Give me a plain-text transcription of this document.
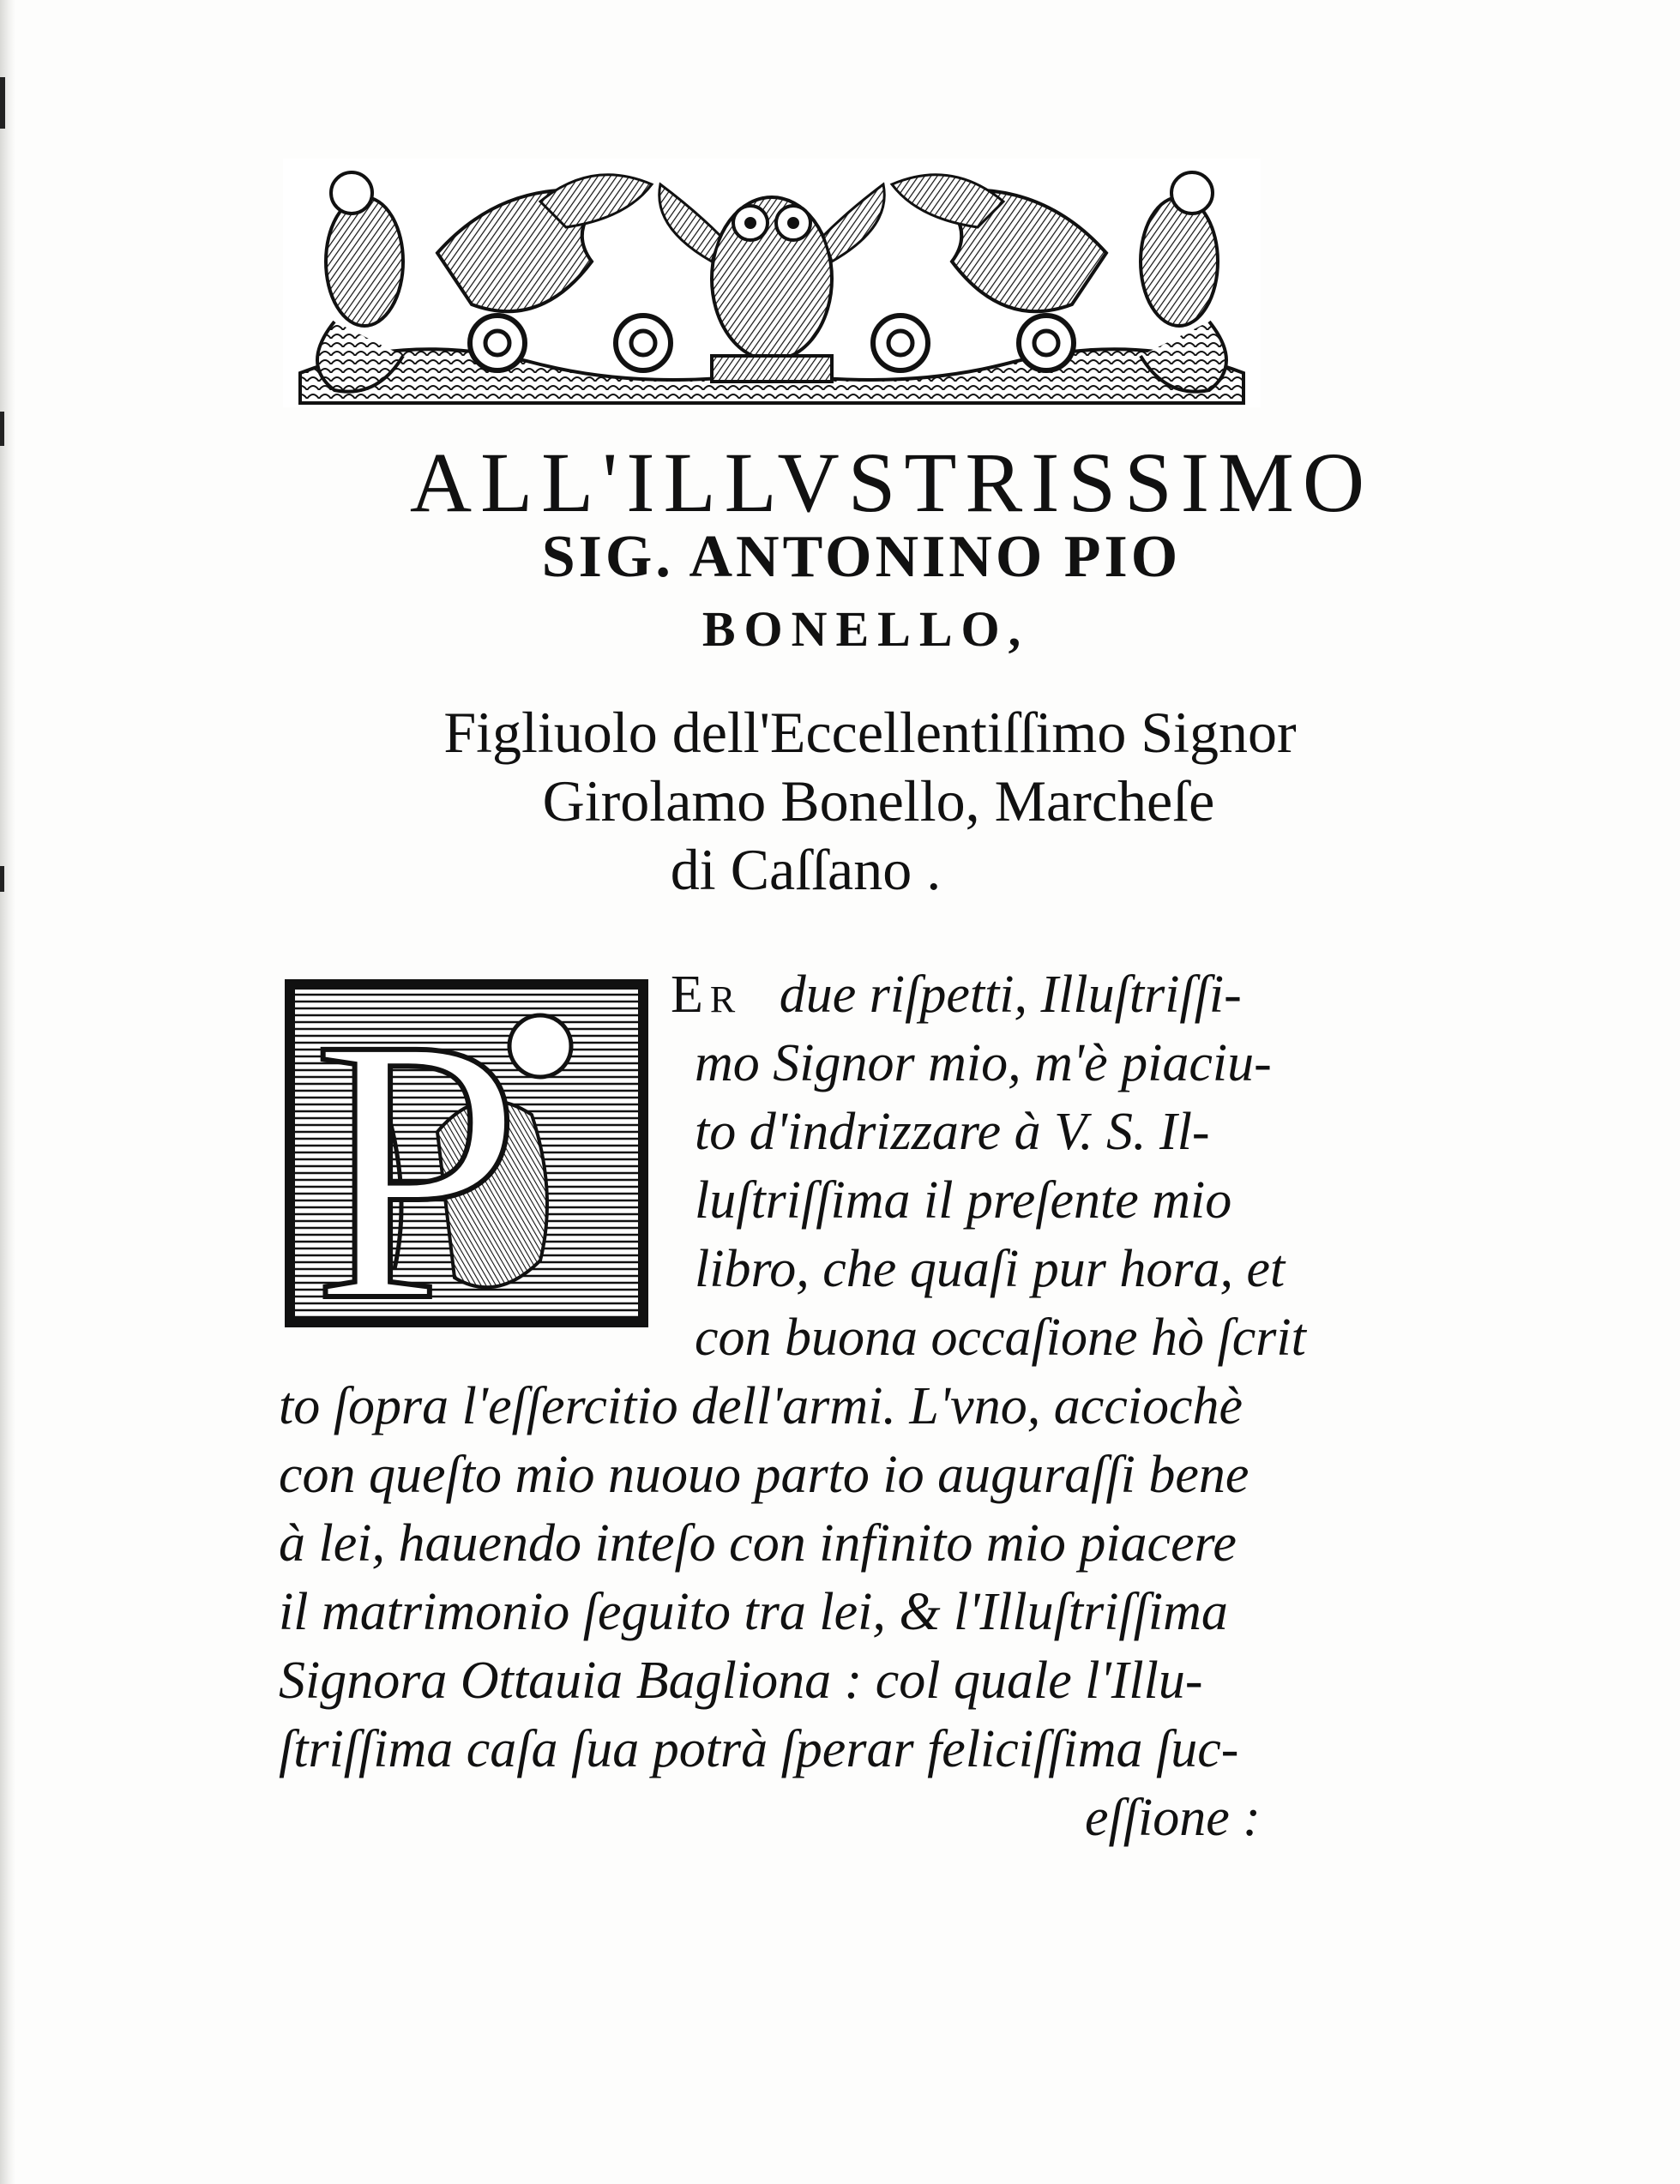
ALL'ILLVSTRISSIMO
SIG. ANTONINO PIO
BONELLO,

Figliuolo dell'Eccellentiſſimo Signor

Girolamo Bonello, Marcheſe

di Caſſano .

P	ER due riſpetti, Illuſtriſſi-

mo Signor mio, m'è piaciu-

to d'indrizzare à V. S. Il-

luſtriſſima il preſente mio

libro, che quaſi pur hora, et

con buona occaſione hò ſcrit

to ſopra l'eſſercitio dell'armi. L'vno, acciochè

con queſto mio nuouo parto io auguraſſi bene

à lei, hauendo inteſo con infinito mio piacere

il matrimonio ſeguito tra lei, & l'Illuſtriſſima

Signora Ottauia Bagliona : col quale l'Illu-

ſtriſſima caſa ſua potrà ſperar feliciſſima ſuc-

eſſione :
